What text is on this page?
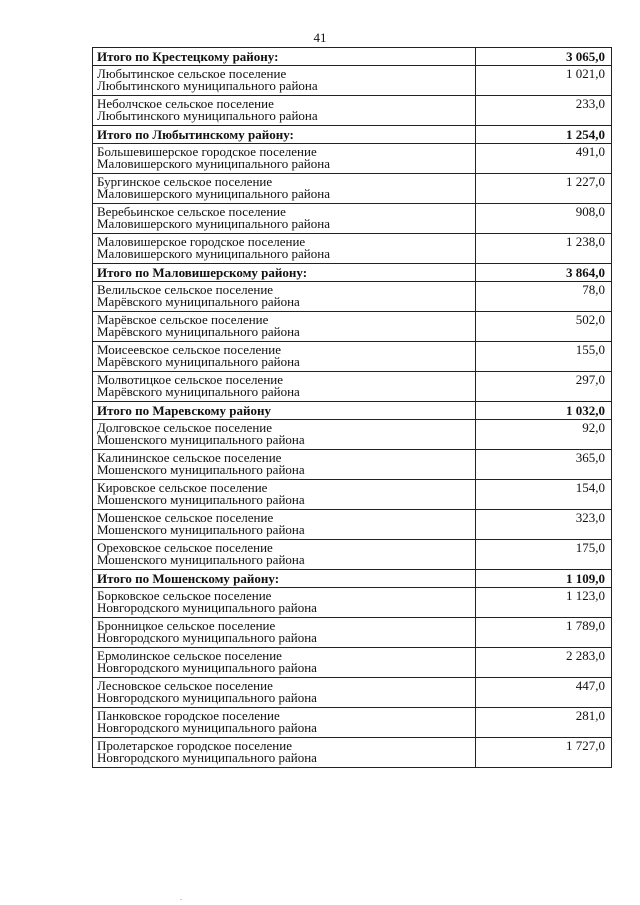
41
Итого по Крестецкому району:	3 065,0

Любытинское сельское поселение
Любытинского муниципального района	1 021,0

Неболчское сельское поселение
Любытинского муниципального района	233,0
Итого по Любытинскому району:	1 254,0

Большевишерское городское поселение
Маловишерского муниципального района	491,0

Бургинское сельское поселение
Маловишерского муниципального района	1 227,0

Веребьинское сельское поселение
Маловишерского муниципального района	908,0

Маловишерское городское поселение
Маловишерского муниципального района	1 238,0
Итого по Маловишерскому району:	3 864,0

Велильское сельское поселение
Марёвского муниципального района	78,0

Марёвское сельское поселение
Марёвского муниципального района	502,0

Моисеевское сельское поселение
Марёвского муниципального района	155,0

Молвотицкое сельское поселение
Марёвского муниципального района	297,0
Итого по Маревскому району	1 032,0

Долговское сельское поселение
Мошенского муниципального района	92,0

Калининское сельское поселение
Мошенского муниципального района	365,0

Кировское сельское поселение
Мошенского муниципального района	154,0

Мошенское сельское поселение
Мошенского муниципального района	323,0

Ореховское сельское поселение
Мошенского муниципального района	175,0
Итого по Мошенскому району:	1 109,0

Борковское сельское поселение
Новгородского муниципального района	1 123,0

Бронницкое сельское поселение
Новгородского муниципального района	1 789,0

Ермолинское сельское поселение
Новгородского муниципального района	2 283,0

Лесновское сельское поселение
Новгородского муниципального района	447,0

Панковское городское поселение
Новгородского муниципального района	281,0

Пролетарское городское поселение
Новгородского муниципального района	1 727,0
.
